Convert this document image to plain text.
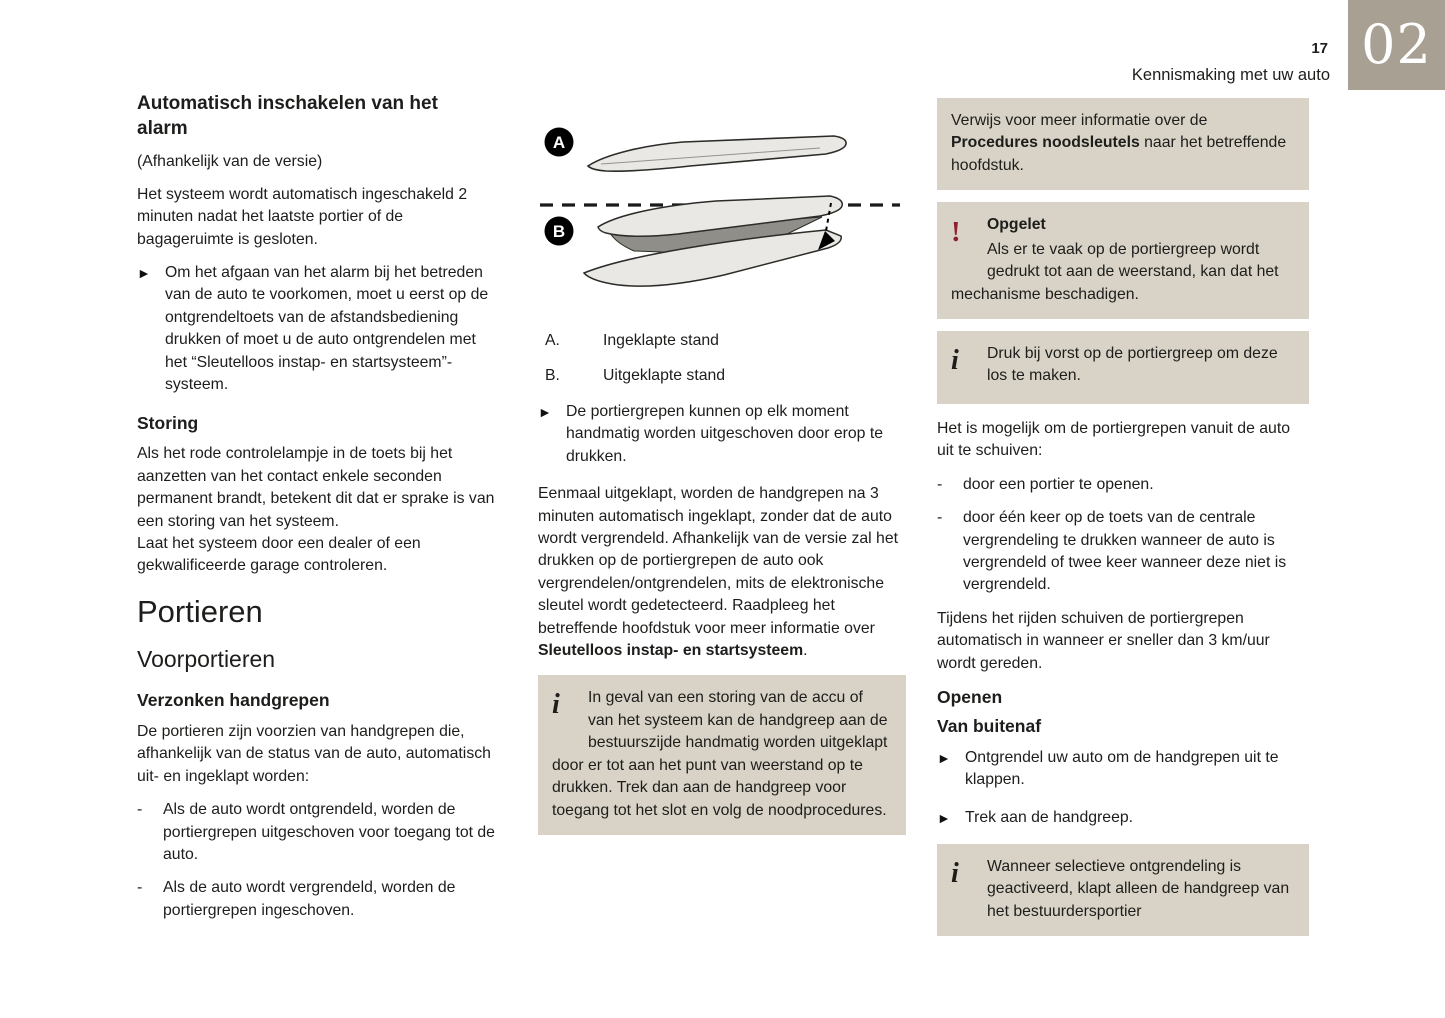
17
Kennismaking met uw auto 02
Automatisch inschakelen van het alarm

(Afhankelijk van de versie)

Het systeem wordt automatisch ingeschakeld 2 minuten nadat het laatste portier of de bagageruimte is gesloten.

► Om het afgaan van het alarm bij het betreden van de auto te voorkomen, moet u eerst op de ontgrendeltoets van de afstandsbediening drukken of moet u de auto ontgrendelen met het “Sleutelloos instap- en startsysteem”-systeem.
Storing

Als het rode controlelampje in de toets bij het aanzetten van het contact enkele seconden permanent brandt, betekent dit dat er sprake is van een storing van het systeem.

Laat het systeem door een dealer of een gekwalificeerde garage controleren.

Portieren
Voorportieren
Verzonken handgrepen

De portieren zijn voorzien van handgrepen die, afhankelijk van de status van de auto, automatisch uit- en ingeklapt worden:

- Als de auto wordt ontgrendeld, worden de portiergrepen uitgeschoven voor toegang tot de auto.
- Als de auto wordt vergrendeld, worden de portiergrepen ingeschoven.
A
B
A.	Ingeklapte stand
B.	Uitgeklapte stand
► De portiergrepen kunnen op elk moment handmatig worden uitgeschoven door erop te drukken.

Eenmaal uitgeklapt, worden de handgrepen na 3 minuten automatisch ingeklapt, zonder dat de auto wordt vergrendeld. Afhankelijk van de versie zal het drukken op de portiergrepen de auto ook vergrendelen/ontgrendelen, mits de elektronische sleutel wordt gedetecteerd. Raadpleeg het betreffende hoofdstuk voor meer informatie over Sleutelloos instap- en startsysteem.

i	In geval van een storing van de accu of van het systeem kan de handgreep aan de bestuurszijde handmatig worden uitgeklapt door er tot aan het punt van weerstand op te drukken. Trek dan aan de handgreep voor toegang tot het slot en volg de noodprocedures.
Verwijs voor meer informatie over de Procedures noodsleutels naar het betreffende hoofdstuk.
!	Opgelet
Als er te vaak op de portiergreep wordt gedrukt tot aan de weerstand, kan dat het mechanisme beschadigen.
i	Druk bij vorst op de portiergreep om deze los te maken.

Het is mogelijk om de portiergrepen vanuit de auto uit te schuiven:

- door een portier te openen.
- door één keer op de toets van de centrale vergrendeling te drukken wanneer de auto is vergrendeld of twee keer wanneer deze niet is vergrendeld.

Tijdens het rijden schuiven de portiergrepen automatisch in wanneer er sneller dan 3 km/uur wordt gereden.

Openen
Van buitenaf
► Ontgrendel uw auto om de handgrepen uit te klappen.
► Trek aan de handgreep.
i	Wanneer selectieve ontgrendeling is geactiveerd, klapt alleen de handgreep van het bestuurdersportier
